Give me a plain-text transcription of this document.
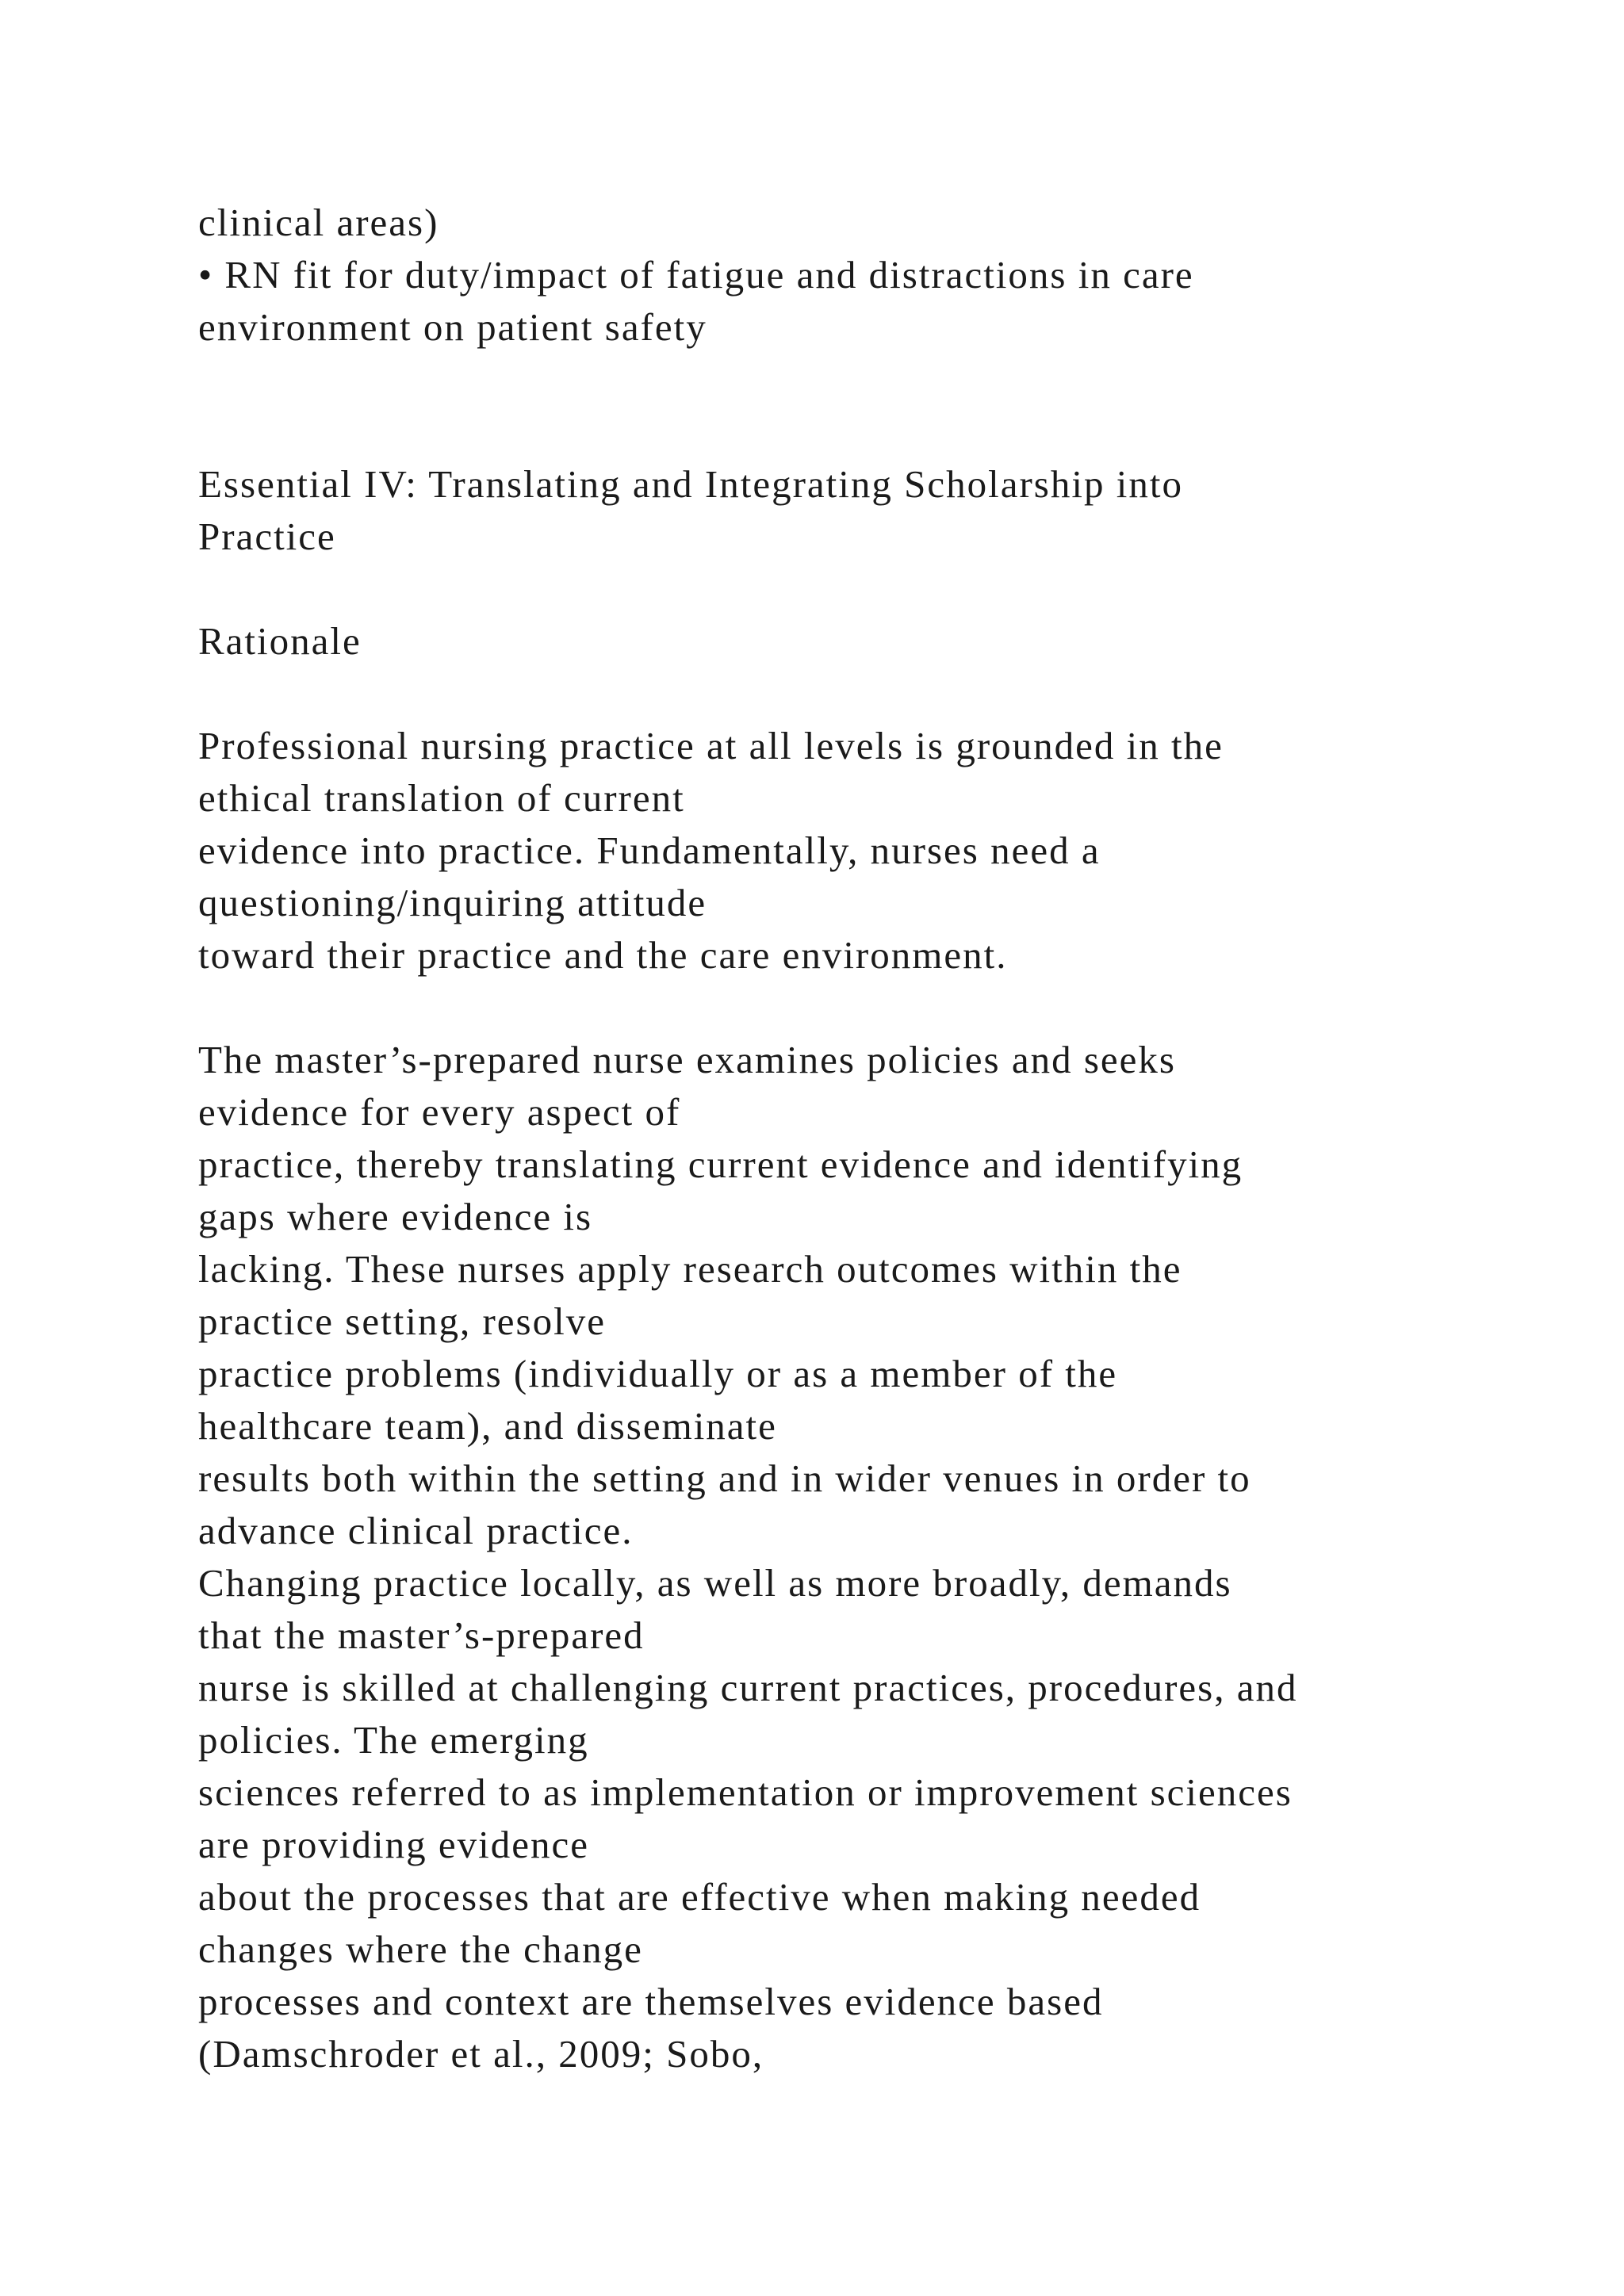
clinical areas)
• RN fit for duty/impact of fatigue and distractions in care
environment on patient safety
Essential IV: Translating and Integrating Scholarship into
Practice
Rationale
Professional nursing practice at all levels is grounded in the
ethical translation of current
evidence into practice. Fundamentally, nurses need a
questioning/inquiring attitude
toward their practice and the care environment.
The master’s-prepared nurse examines policies and seeks
evidence for every aspect of
practice, thereby translating current evidence and identifying
gaps where evidence is
lacking. These nurses apply research outcomes within the
practice setting, resolve
practice problems (individually or as a member of the
healthcare team), and disseminate
results both within the setting and in wider venues in order to
advance clinical practice.
Changing practice locally, as well as more broadly, demands
that the master’s-prepared
nurse is skilled at challenging current practices, procedures, and
policies. The emerging
sciences referred to as implementation or improvement sciences
are providing evidence
about the processes that are effective when making needed
changes where the change
processes and context are themselves evidence based
(Damschroder et al., 2009; Sobo,
